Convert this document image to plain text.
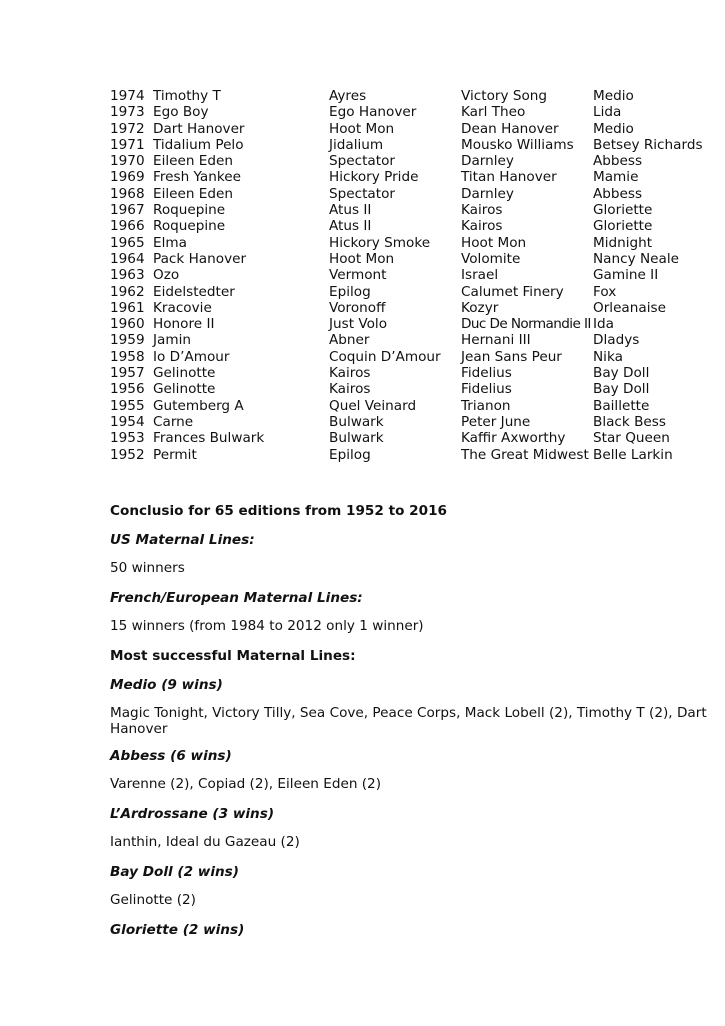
1974	Timothy T	Ayres	Victory Song	Medio
1973	Ego Boy	Ego Hanover	Karl Theo	Lida
1972	Dart Hanover	Hoot Mon	Dean Hanover	Medio
1971	Tidalium Pelo	Jidalium	Mousko Williams	Betsey Richards
1970	Eileen Eden	Spectator	Darnley	Abbess
1969	Fresh Yankee	Hickory Pride	Titan Hanover	Mamie
1968	Eileen Eden	Spectator	Darnley	Abbess
1967	Roquepine	Atus II	Kairos	Gloriette
1966	Roquepine	Atus II	Kairos	Gloriette
1965	Elma	Hickory Smoke	Hoot Mon	Midnight
1964	Pack Hanover	Hoot Mon	Volomite	Nancy Neale
1963	Ozo	Vermont	Israel	Gamine II
1962	Eidelstedter	Epilog	Calumet Finery	Fox
1961	Kracovie	Voronoff	Kozyr	Orleanaise
1960	Honore II	Just Volo	Duc De Normandie II	Ida
1959	Jamin	Abner	Hernani III	Dladys
1958	Io D’Amour	Coquin D’Amour	Jean Sans Peur	Nika
1957	Gelinotte	Kairos	Fidelius	Bay Doll
1956	Gelinotte	Kairos	Fidelius	Bay Doll
1955	Gutemberg A	Quel Veinard	Trianon	Baillette
1954	Carne	Bulwark	Peter June	Black Bess
1953	Frances Bulwark	Bulwark	Kaffir Axworthy	Star Queen
1952	Permit	Epilog	The Great Midwest	Belle Larkin

Conclusio for 65 editions from 1952 to 2016

US Maternal Lines:

50 winners

French/European Maternal Lines:

15 winners (from 1984 to 2012 only 1 winner)

Most successful Maternal Lines:

Medio (9 wins)

Magic Tonight, Victory Tilly, Sea Cove, Peace Corps, Mack Lobell (2), Timothy T (2), Dart Hanover

Abbess (6 wins)

Varenne (2), Copiad (2), Eileen Eden (2)

L’Ardrossane (3 wins)

Ianthin, Ideal du Gazeau (2)

Bay Doll (2 wins)

Gelinotte (2)

Gloriette (2 wins)
